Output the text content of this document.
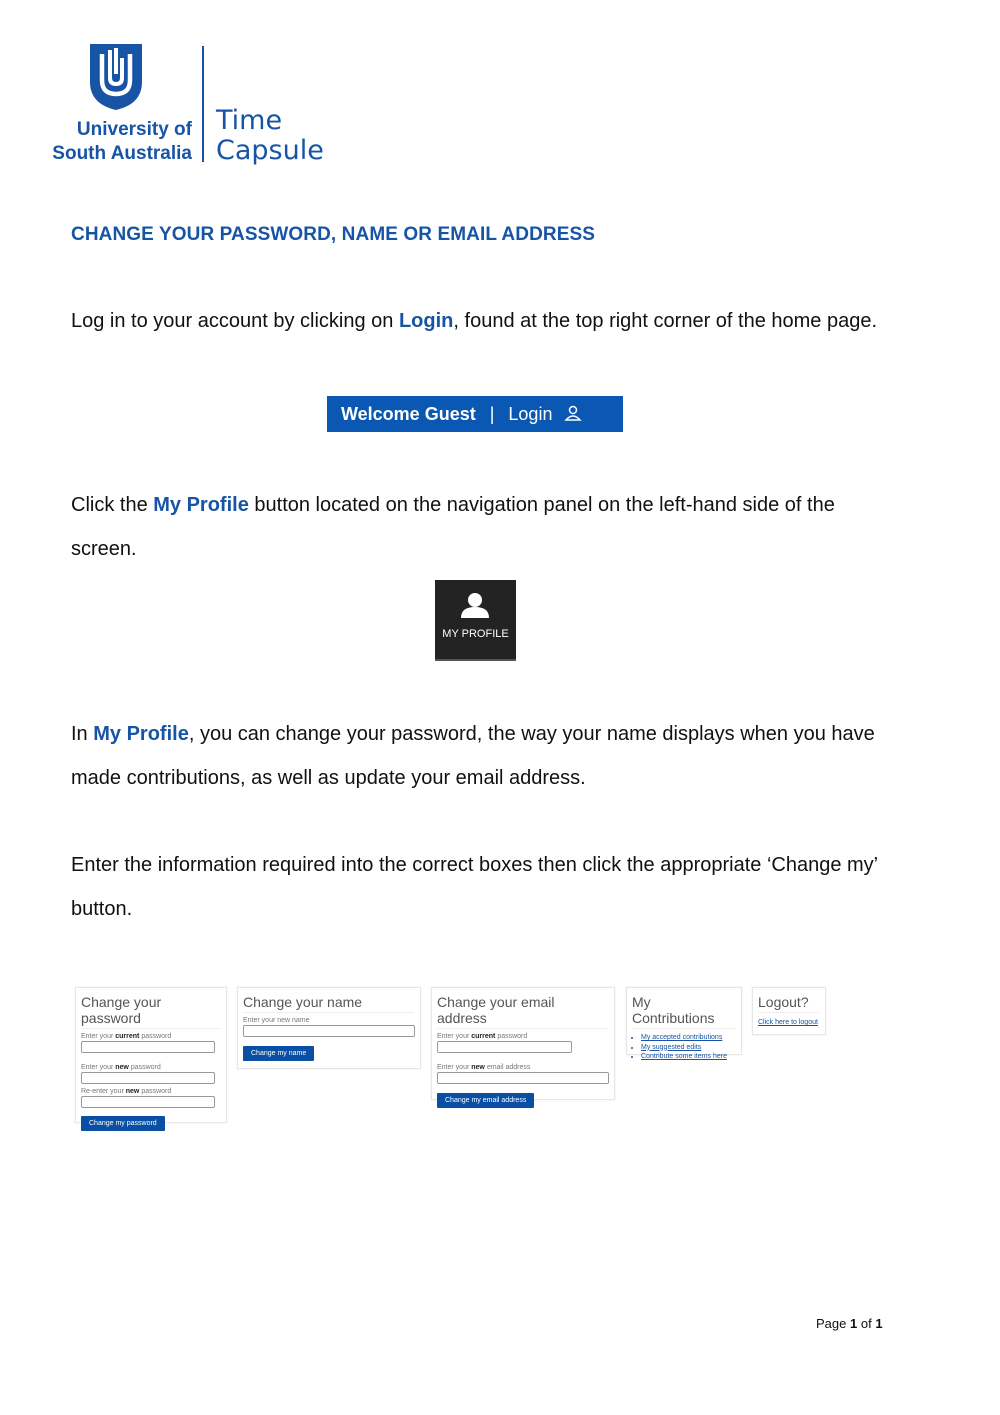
University of
South Australia
Time
Capsule
CHANGE YOUR PASSWORD, NAME OR EMAIL ADDRESS

Log in to your account by clicking on Login, found at the top right corner of the home page.

Welcome Guest | Login

Click the My Profile button located on the navigation panel on the left-hand side of the screen.

MY PROFILE

In My Profile, you can change your password, the way your name displays when you have made contributions, as well as update your email address.

Enter the information required into the correct boxes then click the appropriate ‘Change my’ button.

Change your password
Enter your current password
Enter your new password
Re-enter your new password
Change my password
Change your name
Enter your new name
Change my name
Change your email address
Enter your current password
Enter your new email address
Change my email address
My Contributions
• My accepted contributions
• My suggested edits
• Contribute some items here
Logout?
Click here to logout
Page 1 of 1
